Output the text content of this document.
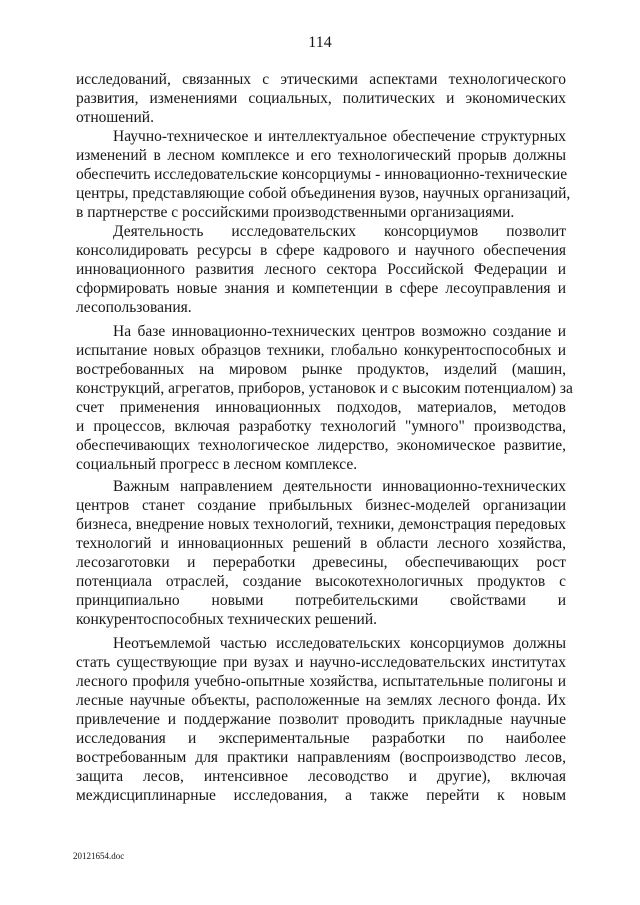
114
исследований, связанных с этическими аспектами технологического
развития, изменениями социальных, политических и экономических
отношений.
Научно-техническое и интеллектуальное обеспечение структурных
изменений в лесном комплексе и его технологический прорыв должны
обеспечить исследовательские консорциумы - инновационно-технические
центры, представляющие собой объединения вузов, научных организаций,
в партнерстве с российскими производственными организациями.
Деятельность исследовательских консорциумов позволит
консолидировать ресурсы в сфере кадрового и научного обеспечения
инновационного развития лесного сектора Российской Федерации и
сформировать новые знания и компетенции в сфере лесоуправления и
лесопользования.
На базе инновационно-технических центров возможно создание и
испытание новых образцов техники, глобально конкурентоспособных и
востребованных на мировом рынке продуктов, изделий (машин,
конструкций, агрегатов, приборов, установок и с высоким потенциалом) за
счет применения инновационных подходов, материалов, методов
и процессов, включая разработку технологий "умного" производства,
обеспечивающих технологическое лидерство, экономическое развитие,
социальный прогресс в лесном комплексе.
Важным направлением деятельности инновационно-технических
центров станет создание прибыльных бизнес-моделей организации
бизнеса, внедрение новых технологий, техники, демонстрация передовых
технологий и инновационных решений в области лесного хозяйства,
лесозаготовки и переработки древесины, обеспечивающих рост
потенциала отраслей, создание высокотехнологичных продуктов с
принципиально новыми потребительскими свойствами и
конкурентоспособных технических решений.
Неотъемлемой частью исследовательских консорциумов должны
стать существующие при вузах и научно-исследовательских институтах
лесного профиля учебно-опытные хозяйства, испытательные полигоны и
лесные научные объекты, расположенные на землях лесного фонда. Их
привлечение и поддержание позволит проводить прикладные научные
исследования и экспериментальные разработки по наиболее
востребованным для практики направлениям (воспроизводство лесов,
защита лесов, интенсивное лесоводство и другие), включая
междисциплинарные исследования, а также перейти к новым
20121654.doc
